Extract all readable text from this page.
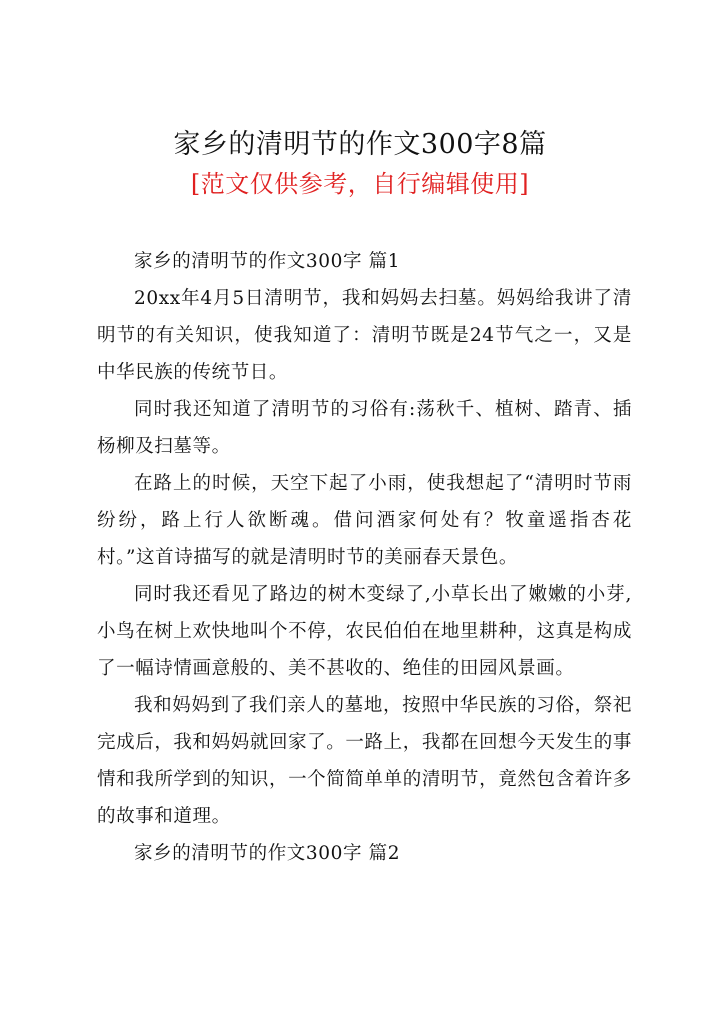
家乡的清明节的作文300字8篇
[范文仅供参考，自行编辑使用]

家乡的清明节的作文300字 篇1

20xx年4月5日清明节，我和妈妈去扫墓。妈妈给我讲了清明节的有关知识，使我知道了：清明节既是24节气之一，又是中华民族的传统节日。

同时我还知道了清明节的习俗有:荡秋千、植树、踏青、插杨柳及扫墓等。

在路上的时候，天空下起了小雨，使我想起了“清明时节雨纷纷，路上行人欲断魂。借问酒家何处有？牧童遥指杏花村。”这首诗描写的就是清明时节的美丽春天景色。

同时我还看见了路边的树木变绿了,小草长出了嫩嫩的小芽,小鸟在树上欢快地叫个不停，农民伯伯在地里耕种，这真是构成了一幅诗情画意般的、美不甚收的、绝佳的田园风景画。

我和妈妈到了我们亲人的墓地，按照中华民族的习俗，祭祀完成后，我和妈妈就回家了。一路上，我都在回想今天发生的事情和我所学到的知识，一个简简单单的清明节，竟然包含着许多的故事和道理。

家乡的清明节的作文300字 篇2
